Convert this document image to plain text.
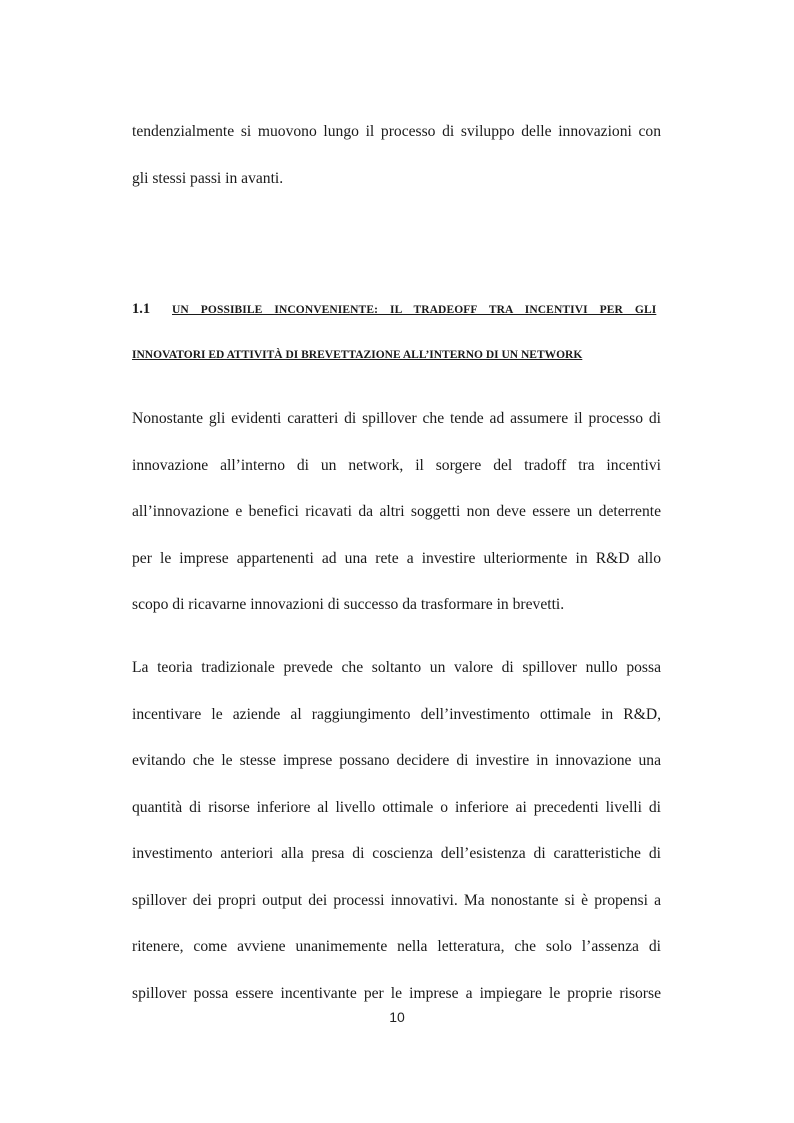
tendenzialmente si muovono lungo il processo di sviluppo delle innovazioni con

gli stessi passi in avanti.

1.1 UN POSSIBILE INCONVENIENTE: IL TRADEOFF TRA INCENTIVI PER GLI

INNOVATORI ED ATTIVITÀ DI BREVETTAZIONE ALL’INTERNO DI UN NETWORK

Nonostante gli evidenti caratteri di spillover che tende ad assumere il processo di

innovazione all’interno di un network, il sorgere del tradoff tra incentivi

all’innovazione e benefici ricavati da altri soggetti non deve essere un deterrente

per le imprese appartenenti ad una rete a investire ulteriormente in R&D allo

scopo di ricavarne innovazioni di successo da trasformare in brevetti.

La teoria tradizionale prevede che soltanto un valore di spillover nullo possa

incentivare le aziende al raggiungimento dell’investimento ottimale in R&D,

evitando che le stesse imprese possano decidere di investire in innovazione una

quantità di risorse inferiore al livello ottimale o inferiore ai precedenti livelli di

investimento anteriori alla presa di coscienza dell’esistenza di caratteristiche di

spillover dei propri output dei processi innovativi. Ma nonostante si è propensi a

ritenere, come avviene unanimemente nella letteratura, che solo l’assenza di

spillover possa essere incentivante per le imprese a impiegare le proprie risorse

10
